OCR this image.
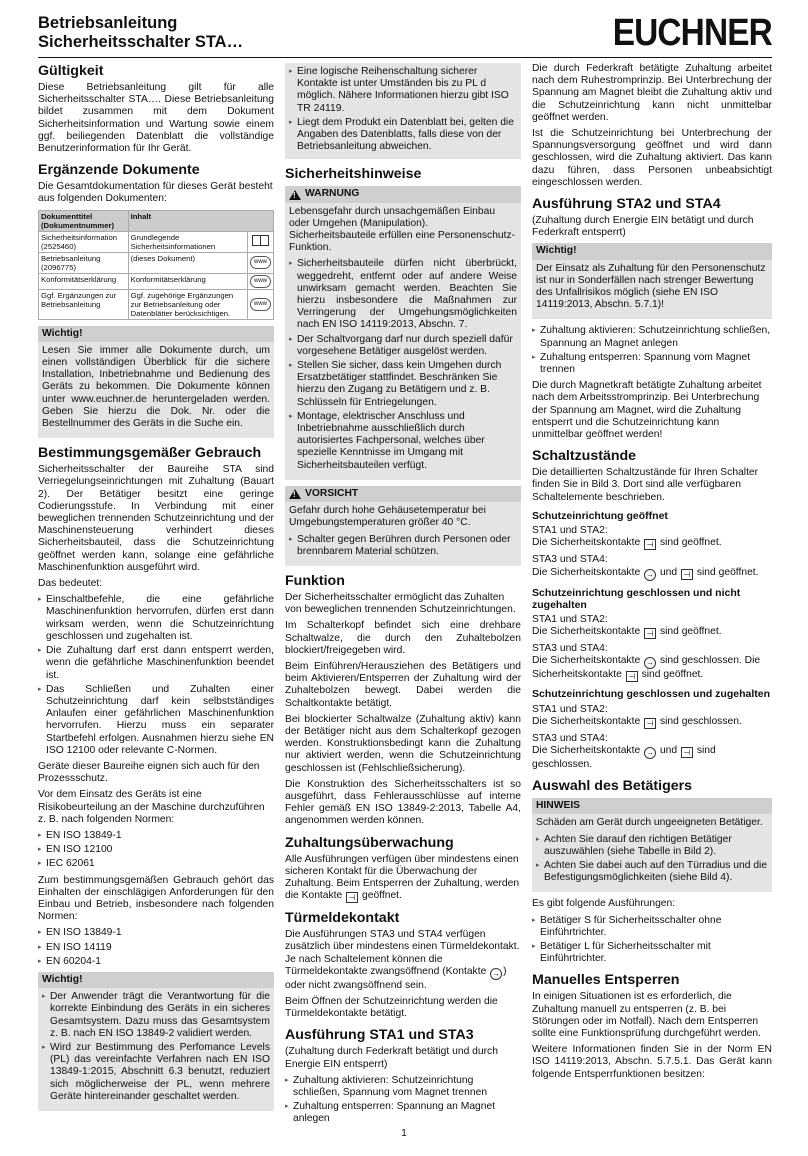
Betriebsanleitung
Sicherheitsschalter STA…	EUCHNER
Gültigkeit

Diese Betriebsanleitung gilt für alle Sicherheitsschalter STA…. Diese Betriebsanleitung bildet zusammen mit dem Dokument Sicherheitsinformation und Wartung sowie einem ggf. beiliegenden Datenblatt die vollständige Benutzerinformation für Ihr Gerät.

Ergänzende Dokumente

Die Gesamtdokumentation für dieses Gerät besteht aus folgenden Dokumenten:

Dokumenttitel (Dokumentnummer)	Inhalt	
Sicherheitsinformation (2525460)	Grundlegende Sicherheitsinformationen	
Betriebsanleitung (2096775)	(dieses Dokument)	www
Konformitätserklärung	Konformitätserklärung	www
Ggf. Ergänzungen zur Betriebsanleitung	Ggf. zugehörige Ergänzungen zur Betriebsanleitung oder Datenblätter berücksichtigen.	www
Wichtig!

Lesen Sie immer alle Dokumente durch, um einen vollständigen Überblick für die sichere Installation, Inbetriebnahme und Bedienung des Geräts zu bekommen. Die Dokumente können unter www.euchner.de heruntergeladen werden. Geben Sie hierzu die Dok. Nr. oder die Bestellnummer des Geräts in die Suche ein.

Bestimmungsgemäßer Gebrauch

Sicherheitsschalter der Baureihe STA sind Verriegelungseinrichtungen mit Zuhaltung (Bauart 2). Der Betätiger besitzt eine geringe Codierungsstufe. In Verbindung mit einer beweglichen trennenden Schutzeinrichtung und der Maschinensteuerung verhindert dieses Sicherheitsbauteil, dass die Schutzeinrichtung geöffnet werden kann, solange eine gefährliche Maschinenfunktion ausgeführt wird.

Das bedeutet:

▸ Einschaltbefehle, die eine gefährliche Maschinenfunktion hervorrufen, dürfen erst dann wirksam werden, wenn die Schutzeinrichtung geschlossen und zugehalten ist.
▸ Die Zuhaltung darf erst dann entsperrt werden, wenn die gefährliche Maschinenfunktion beendet ist.
▸ Das Schließen und Zuhalten einer Schutzeinrichtung darf kein selbstständiges Anlaufen einer gefährlichen Maschinenfunktion hervorrufen. Hierzu muss ein separater Startbefehl erfolgen. Ausnahmen hierzu siehe EN ISO 12100 oder relevante C-Normen.

Geräte dieser Baureihe eignen sich auch für den Prozessschutz.

Vor dem Einsatz des Geräts ist eine Risikobeurteilung an der Maschine durchzuführen z. B. nach folgenden Normen:

▸ EN ISO 13849-1
▸ EN ISO 12100
▸ IEC 62061

Zum bestimmungsgemäßen Gebrauch gehört das Einhalten der einschlägigen Anforderungen für den Einbau und Betrieb, insbesondere nach folgenden Normen:

▸ EN ISO 13849-1
▸ EN ISO 14119
▸ EN 60204-1
Wichtig!
▸ Der Anwender trägt die Verantwortung für die korrekte Einbindung des Geräts in ein sicheres Gesamtsystem. Dazu muss das Gesamtsystem z. B. nach EN ISO 13849-2 validiert werden.
▸ Wird zur Bestimmung des Perfomance Levels (PL) das vereinfachte Verfahren nach EN ISO 13849-1:2015, Abschnitt 6.3 benutzt, reduziert sich möglicherweise der PL, wenn mehrere Geräte hintereinander geschaltet werden.
▸ Eine logische Reihenschaltung sicherer Kontakte ist unter Umständen bis zu PL d möglich. Nähere Informationen hierzu gibt ISO TR 24119.
▸ Liegt dem Produkt ein Datenblatt bei, gelten die Angaben des Datenblatts, falls diese von der Betriebsanleitung abweichen.
Sicherheitshinweise
!
WARNUNG

Lebensgefahr durch unsachgemäßen Einbau oder Umgehen (Manipulation). Sicherheitsbauteile erfüllen eine Personenschutz-Funktion.

▸ Sicherheitsbauteile dürfen nicht überbrückt, weggedreht, entfernt oder auf andere Weise unwirksam gemacht werden. Beachten Sie hierzu insbesondere die Maßnahmen zur Verringerung der Umgehungsmöglichkeiten nach EN ISO 14119:2013, Abschn. 7.
▸ Der Schaltvorgang darf nur durch speziell dafür vorgesehene Betätiger ausgelöst werden.
▸ Stellen Sie sicher, dass kein Umgehen durch Ersatzbetätiger stattfindet. Beschränken Sie hierzu den Zugang zu Betätigern und z. B. Schlüsseln für Entriegelungen.
▸ Montage, elektrischer Anschluss und Inbetriebnahme ausschließlich durch autorisiertes Fachpersonal, welches über spezielle Kenntnisse im Umgang mit Sicherheitsbauteilen verfügt.
!
VORSICHT

Gefahr durch hohe Gehäusetemperatur bei Umgebungstemperaturen größer 40 °C.

▸ Schalter gegen Berühren durch Personen oder brennbarem Material schützen.
Funktion

Der Sicherheitsschalter ermöglicht das Zuhalten von beweglichen trennenden Schutzeinrichtungen.

Im Schalterkopf befindet sich eine drehbare Schaltwalze, die durch den Zuhaltebolzen blockiert/freigegeben wird.

Beim Einführen/Herausziehen des Betätigers und beim Aktivieren/Entsperren der Zuhaltung wird der Zuhaltebolzen bewegt. Dabei werden die Schaltkontakte betätigt.

Bei blockierter Schaltwalze (Zuhaltung aktiv) kann der Betätiger nicht aus dem Schalterkopf gezogen werden. Konstruktionsbedingt kann die Zuhaltung nur aktiviert werden, wenn die Schutzeinrichtung geschlossen ist (Fehlschließsicherung).

Die Konstruktion des Sicherheitsschalters ist so ausgeführt, dass Fehlerausschlüsse auf interne Fehler gemäß EN ISO 13849-2:2013, Tabelle A4, angenommen werden können.

Zuhaltungsüberwachung

Alle Ausführungen verfügen über mindestens einen sicheren Kontakt für die Überwachung der Zuhaltung. Beim Entsperren der Zuhaltung, werden die Kontakte ⊣ geöffnet.

Türmeldekontakt

Die Ausführungen STA3 und STA4 verfügen zusätzlich über mindestens einen Türmeldekontakt. Je nach Schaltelement können die Türmeldekontakte zwangsöffnend (Kontakte → ) oder nicht zwangsöffnend sein.

Beim Öffnen der Schutzeinrichtung werden die Türmeldekontakte betätigt.

Ausführung STA1 und STA3

(Zuhaltung durch Federkraft betätigt und durch Energie EIN entsperrt)

▸ Zuhaltung aktivieren: Schutzeinrichtung schließen, Spannung vom Magnet trennen
▸ Zuhaltung entsperren: Spannung an Magnet anlegen

Die durch Federkraft betätigte Zuhaltung arbeitet nach dem Ruhestromprinzip. Bei Unterbrechung der Spannung am Magnet bleibt die Zuhaltung aktiv und die Schutzeinrichtung kann nicht unmittelbar geöffnet werden.

Ist die Schutzeinrichtung bei Unterbrechung der Spannungsversorgung geöffnet und wird dann geschlossen, wird die Zuhaltung aktiviert. Das kann dazu führen, dass Personen unbeabsichtigt eingeschlossen werden.

Ausführung STA2 und STA4

(Zuhaltung durch Energie EIN betätigt und durch Federkraft entsperrt)

Wichtig!

Der Einsatz als Zuhaltung für den Personenschutz ist nur in Sonderfällen nach strenger Bewertung des Unfallrisikos möglich (siehe EN ISO 14119:2013, Abschn. 5.7.1)!

▸ Zuhaltung aktivieren: Schutzeinrichtung schließen, Spannung an Magnet anlegen
▸ Zuhaltung entsperren: Spannung vom Magnet trennen

Die durch Magnetkraft betätigte Zuhaltung arbeitet nach dem Arbeitsstromprinzip. Bei Unterbrechung der Spannung am Magnet, wird die Zuhaltung entsperrt und die Schutzeinrichtung kann unmittelbar geöffnet werden!

Schaltzustände

Die detaillierten Schaltzustände für Ihren Schalter finden Sie in Bild 3. Dort sind alle verfügbaren Schaltelemente beschrieben.

Schutzeinrichtung geöffnet

STA1 und STA2:
Die Sicherheitskontakte ⊣ sind geöffnet.

STA3 und STA4:
Die Sicherheitskontakte → und ⊣ sind geöffnet.

Schutzeinrichtung geschlossen und nicht zugehalten

STA1 und STA2:
Die Sicherheitskontakte ⊣ sind geöffnet.

STA3 und STA4:
Die Sicherheitskontakte → sind geschlossen. Die
Sicherheitskontakte ⊣ sind geöffnet.

Schutzeinrichtung geschlossen und zugehalten

STA1 und STA2:
Die Sicherheitskontakte ⊣ sind geschlossen.

STA3 und STA4:
Die Sicherheitskontakte → und ⊣ sind geschlossen.

Auswahl des Betätigers
HINWEIS

Schäden am Gerät durch ungeeigneten Betätiger.

▸ Achten Sie darauf den richtigen Betätiger auszuwählen (siehe Tabelle in Bild 2).
▸ Achten Sie dabei auch auf den Türradius und die Befestigungsmöglichkeiten (siehe Bild 4).

Es gibt folgende Ausführungen:

▸ Betätiger S für Sicherheitsschalter ohne Einführtrichter.
▸ Betätiger L für Sicherheitsschalter mit Einführtrichter.
Manuelles Entsperren

In einigen Situationen ist es erforderlich, die Zuhaltung manuell zu entsperren (z. B. bei Störungen oder im Notfall). Nach dem Entsperren sollte eine Funktionsprüfung durchgeführt werden.

Weitere Informationen finden Sie in der Norm EN ISO 14119:2013, Abschn. 5.7.5.1. Das Gerät kann folgende Entsperrfunktionen besitzen:

1
